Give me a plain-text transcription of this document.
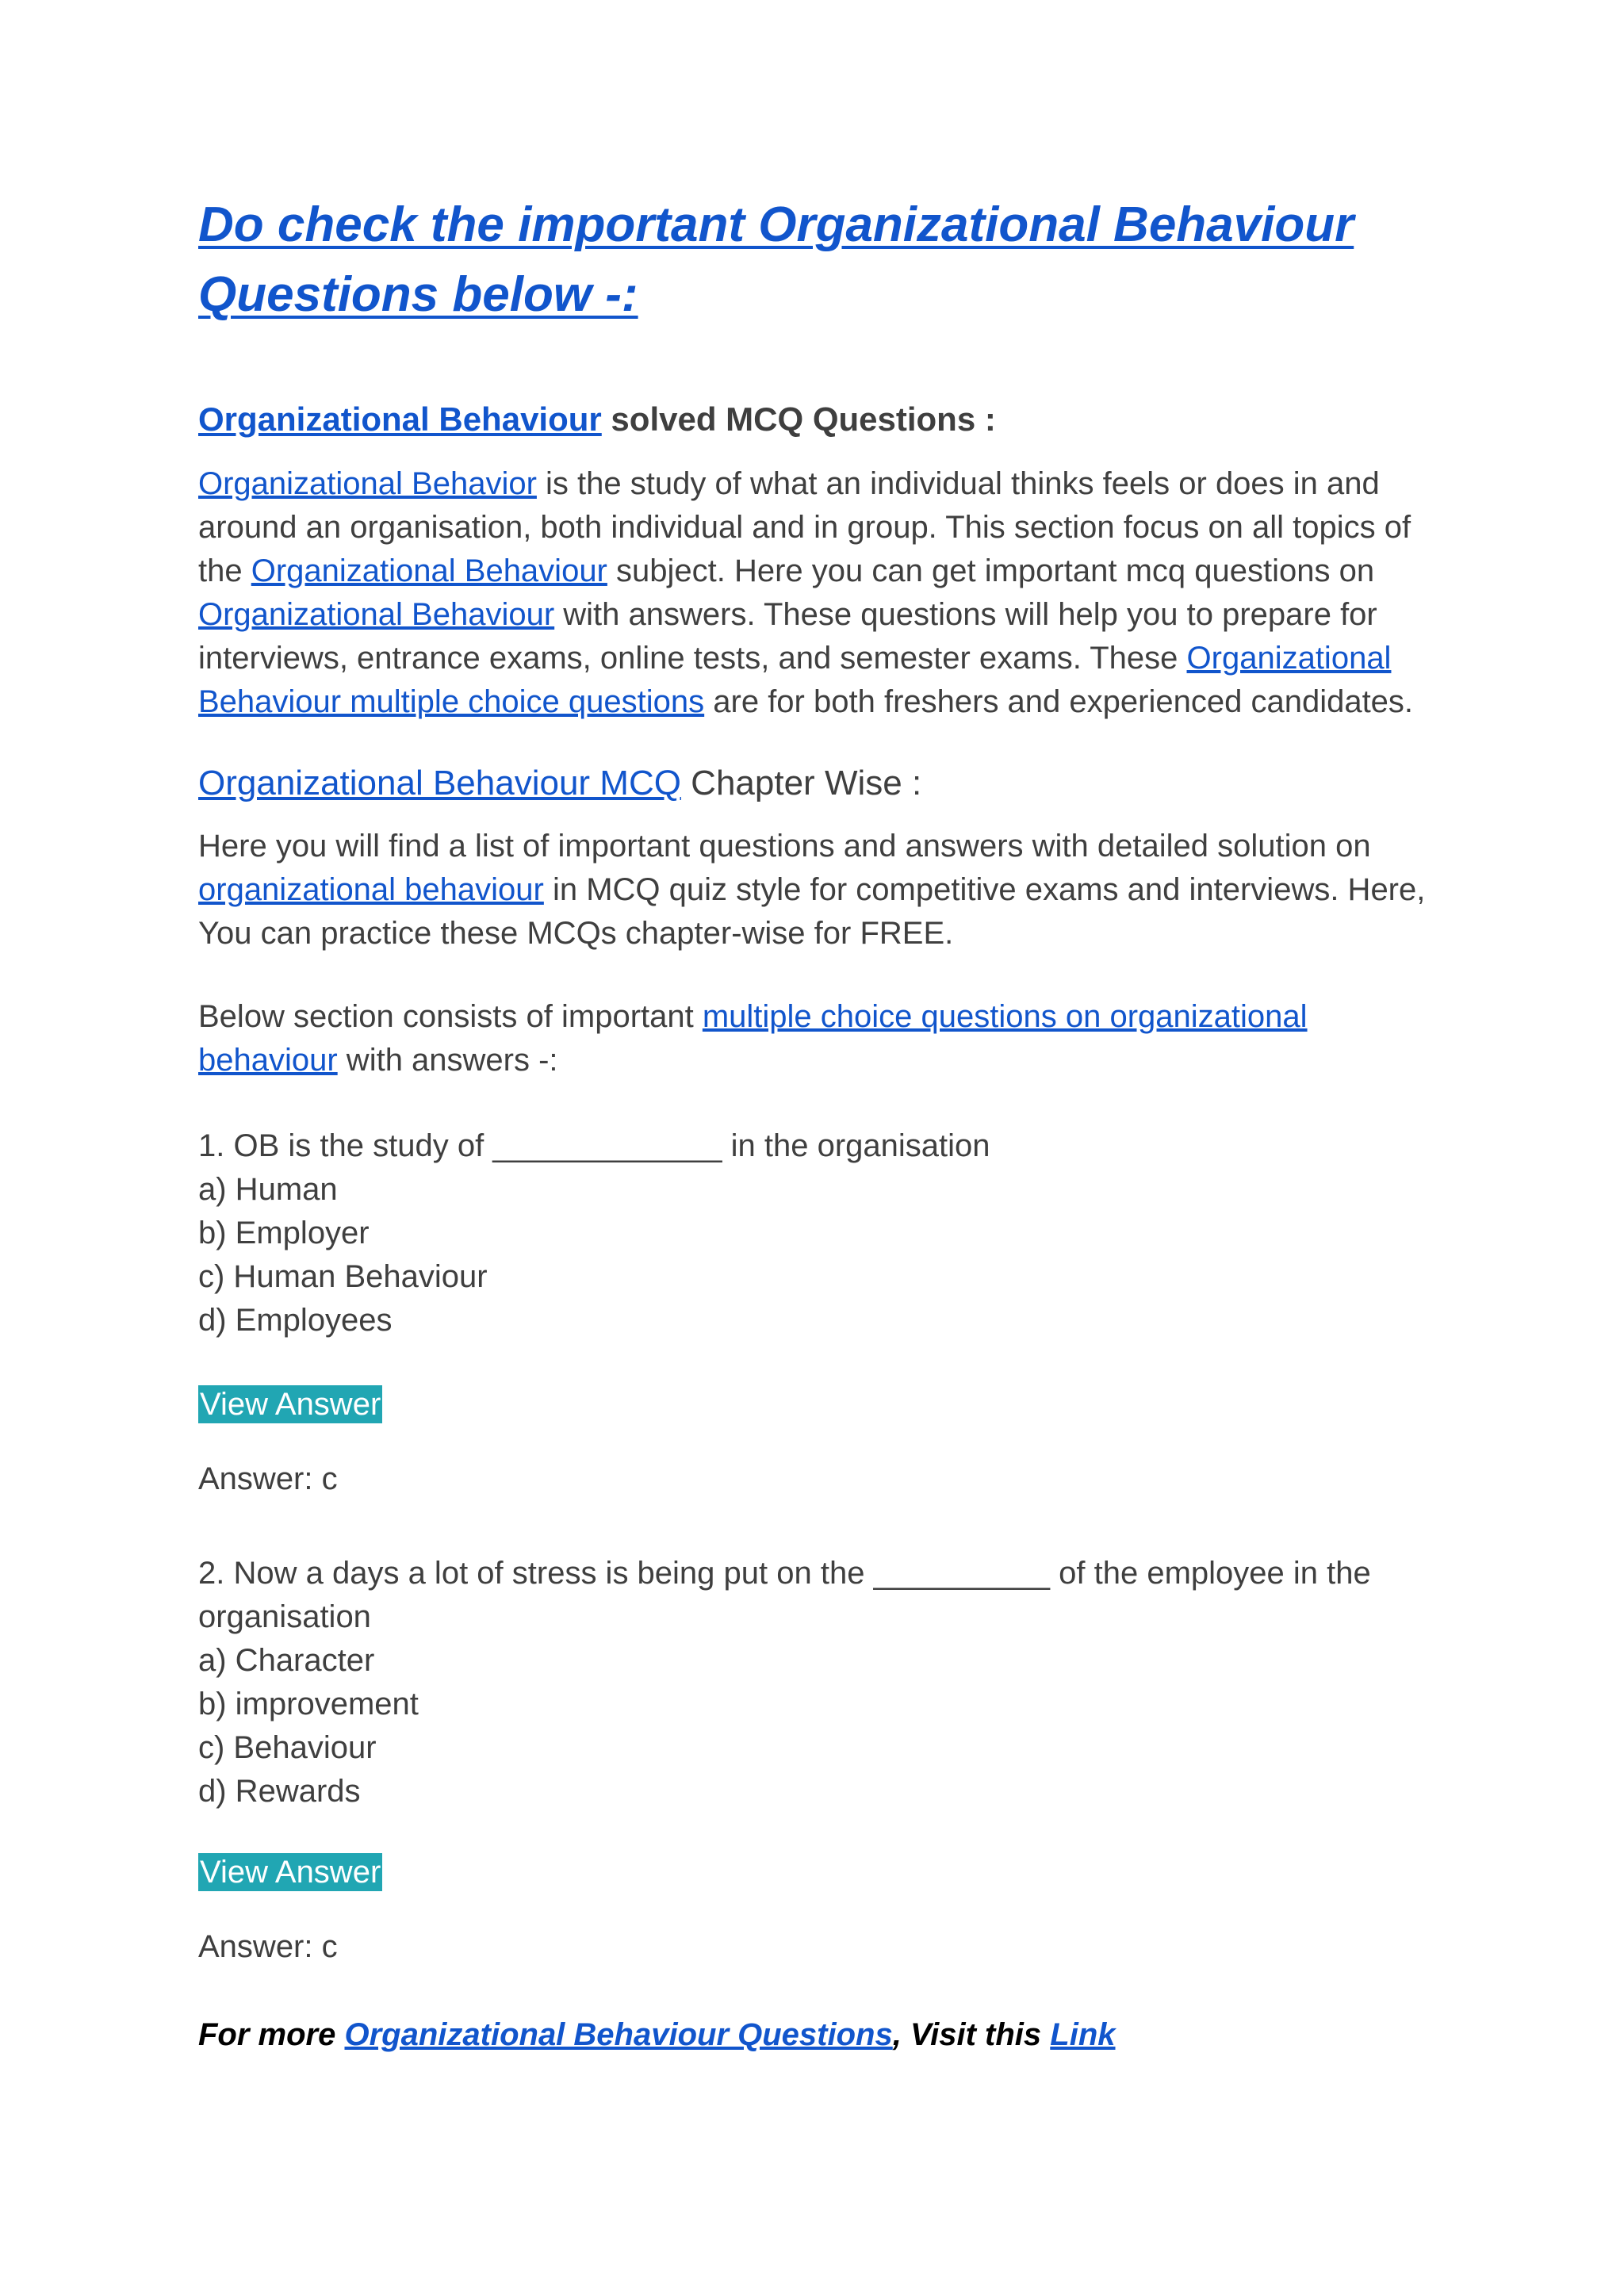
Do check the important Organizational Behaviour Questions below -:
Organizational Behaviour solved MCQ Questions :

Organizational Behavior is the study of what an individual thinks feels or does in and around an organisation, both individual and in group. This section focus on all topics of the Organizational Behaviour subject. Here you can get important mcq questions on Organizational Behaviour with answers. These questions will help you to prepare for interviews, entrance exams, online tests, and semester exams. These Organizational Behaviour multiple choice questions are for both freshers and experienced candidates.

Organizational Behaviour MCQ Chapter Wise :

Here you will find a list of important questions and answers with detailed solution on organizational behaviour in MCQ quiz style for competitive exams and interviews. Here, You can practice these MCQs chapter-wise for FREE.

Below section consists of important multiple choice questions on organizational behaviour with answers -:

1. OB is the study of _____________ in the organisation
a) Human
b) Employer
c) Human Behaviour
d) Employees
View Answer

Answer: c

2. Now a days a lot of stress is being put on the __________ of the employee in the organisation
a) Character
b) improvement
c) Behaviour
d) Rewards
View Answer

Answer: c

For more Organizational Behaviour Questions, Visit this Link
